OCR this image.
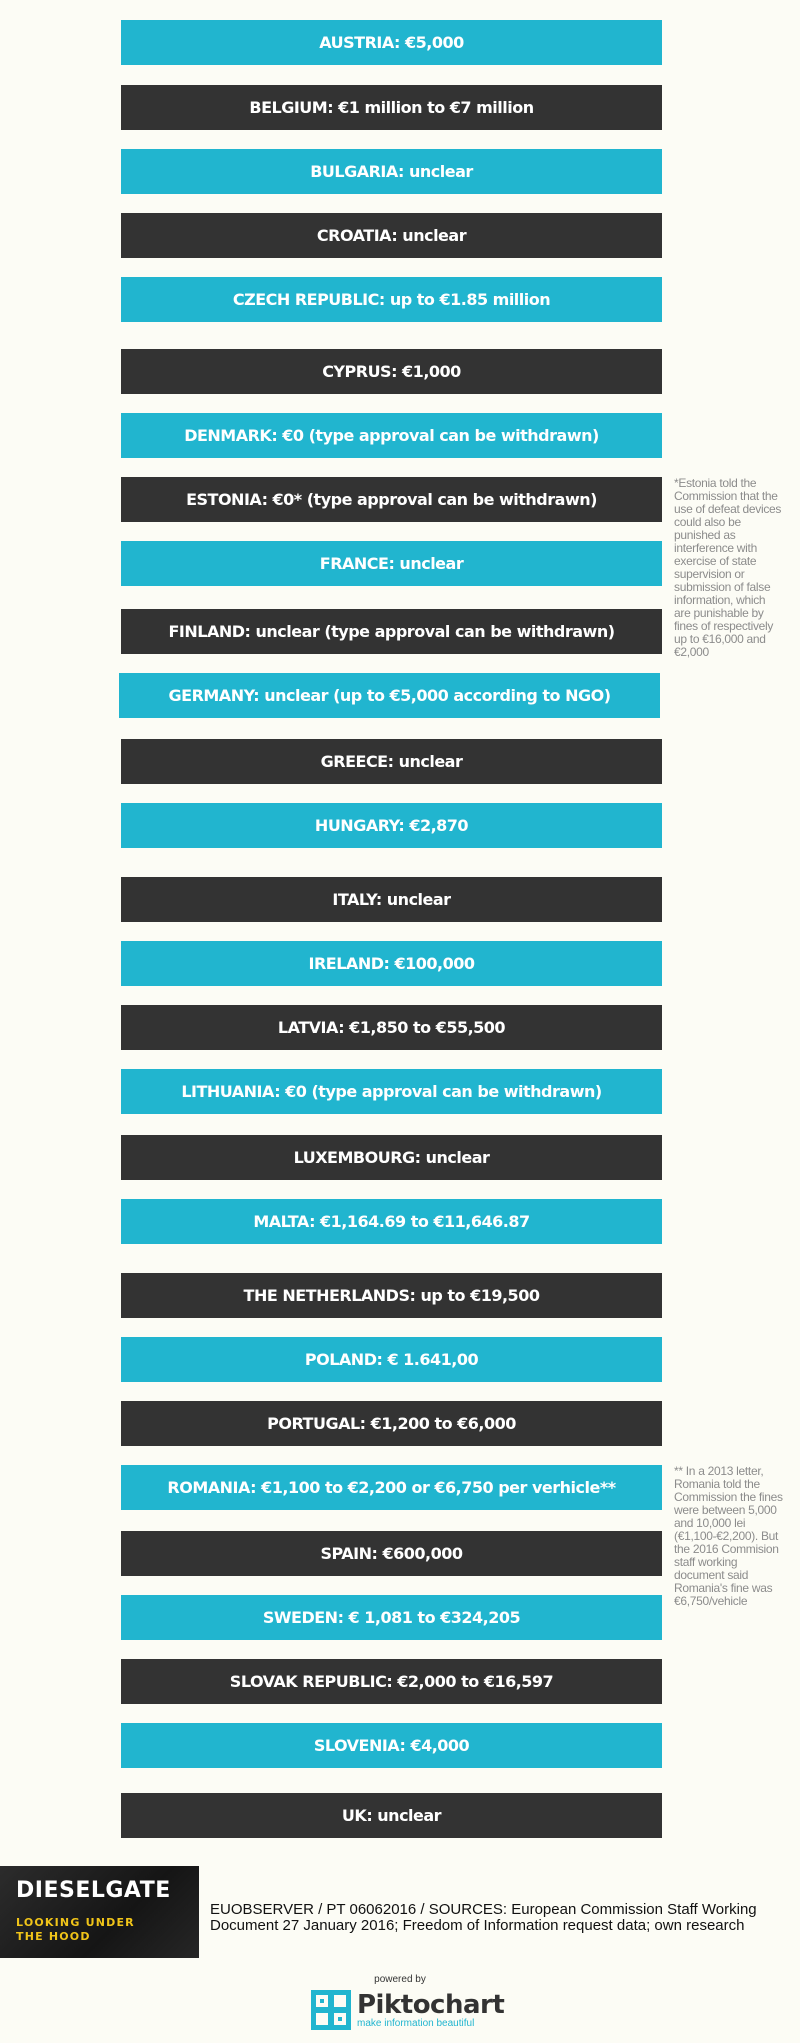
AUSTRIA: €5,000
BELGIUM: €1 million to €7 million
BULGARIA: unclear
CROATIA: unclear
CZECH REPUBLIC: up to €1.85 million
CYPRUS: €1,000
DENMARK: €0 (type approval can be withdrawn)
ESTONIA: €0* (type approval can be withdrawn)
FRANCE: unclear
FINLAND: unclear (type approval can be withdrawn)
GERMANY: unclear (up to €5,000 according to NGO)
GREECE: unclear
HUNGARY: €2,870
ITALY: unclear
IRELAND: €100,000
LATVIA: €1,850 to €55,500
LITHUANIA: €0 (type approval can be withdrawn)
LUXEMBOURG: unclear
MALTA: €1,164.69 to €11,646.87
THE NETHERLANDS: up to €19,500
POLAND: € 1.641,00
PORTUGAL: €1,200 to €6,000
ROMANIA: €1,100 to €2,200 or €6,750 per verhicle**
SPAIN: €600,000
SWEDEN: € 1,081 to €324,205
SLOVAK REPUBLIC: €2,000 to €16,597
SLOVENIA: €4,000
UK: unclear
*Estonia told the
Commission that the
use of defeat devices
could also be
punished as
interference with
exercise of state
supervision or
submission of false
information, which
are punishable by
fines of respectively
up to €16,000 and
€2,000
** In a 2013 letter,
Romania told the
Commission the fines
were between 5,000
and 10,000 lei
(€1,100-€2,200). But
the 2016 Commision
staff working
document said
Romania's fine was
€6,750/vehicle
DIESELGATE
LOOKING UNDER
THE HOOD
EUOBSERVER / PT 06062016 / SOURCES: European Commission Staff Working Document 27 January 2016; Freedom of Information request data; own research
powered by
Piktochart
make information beautiful
